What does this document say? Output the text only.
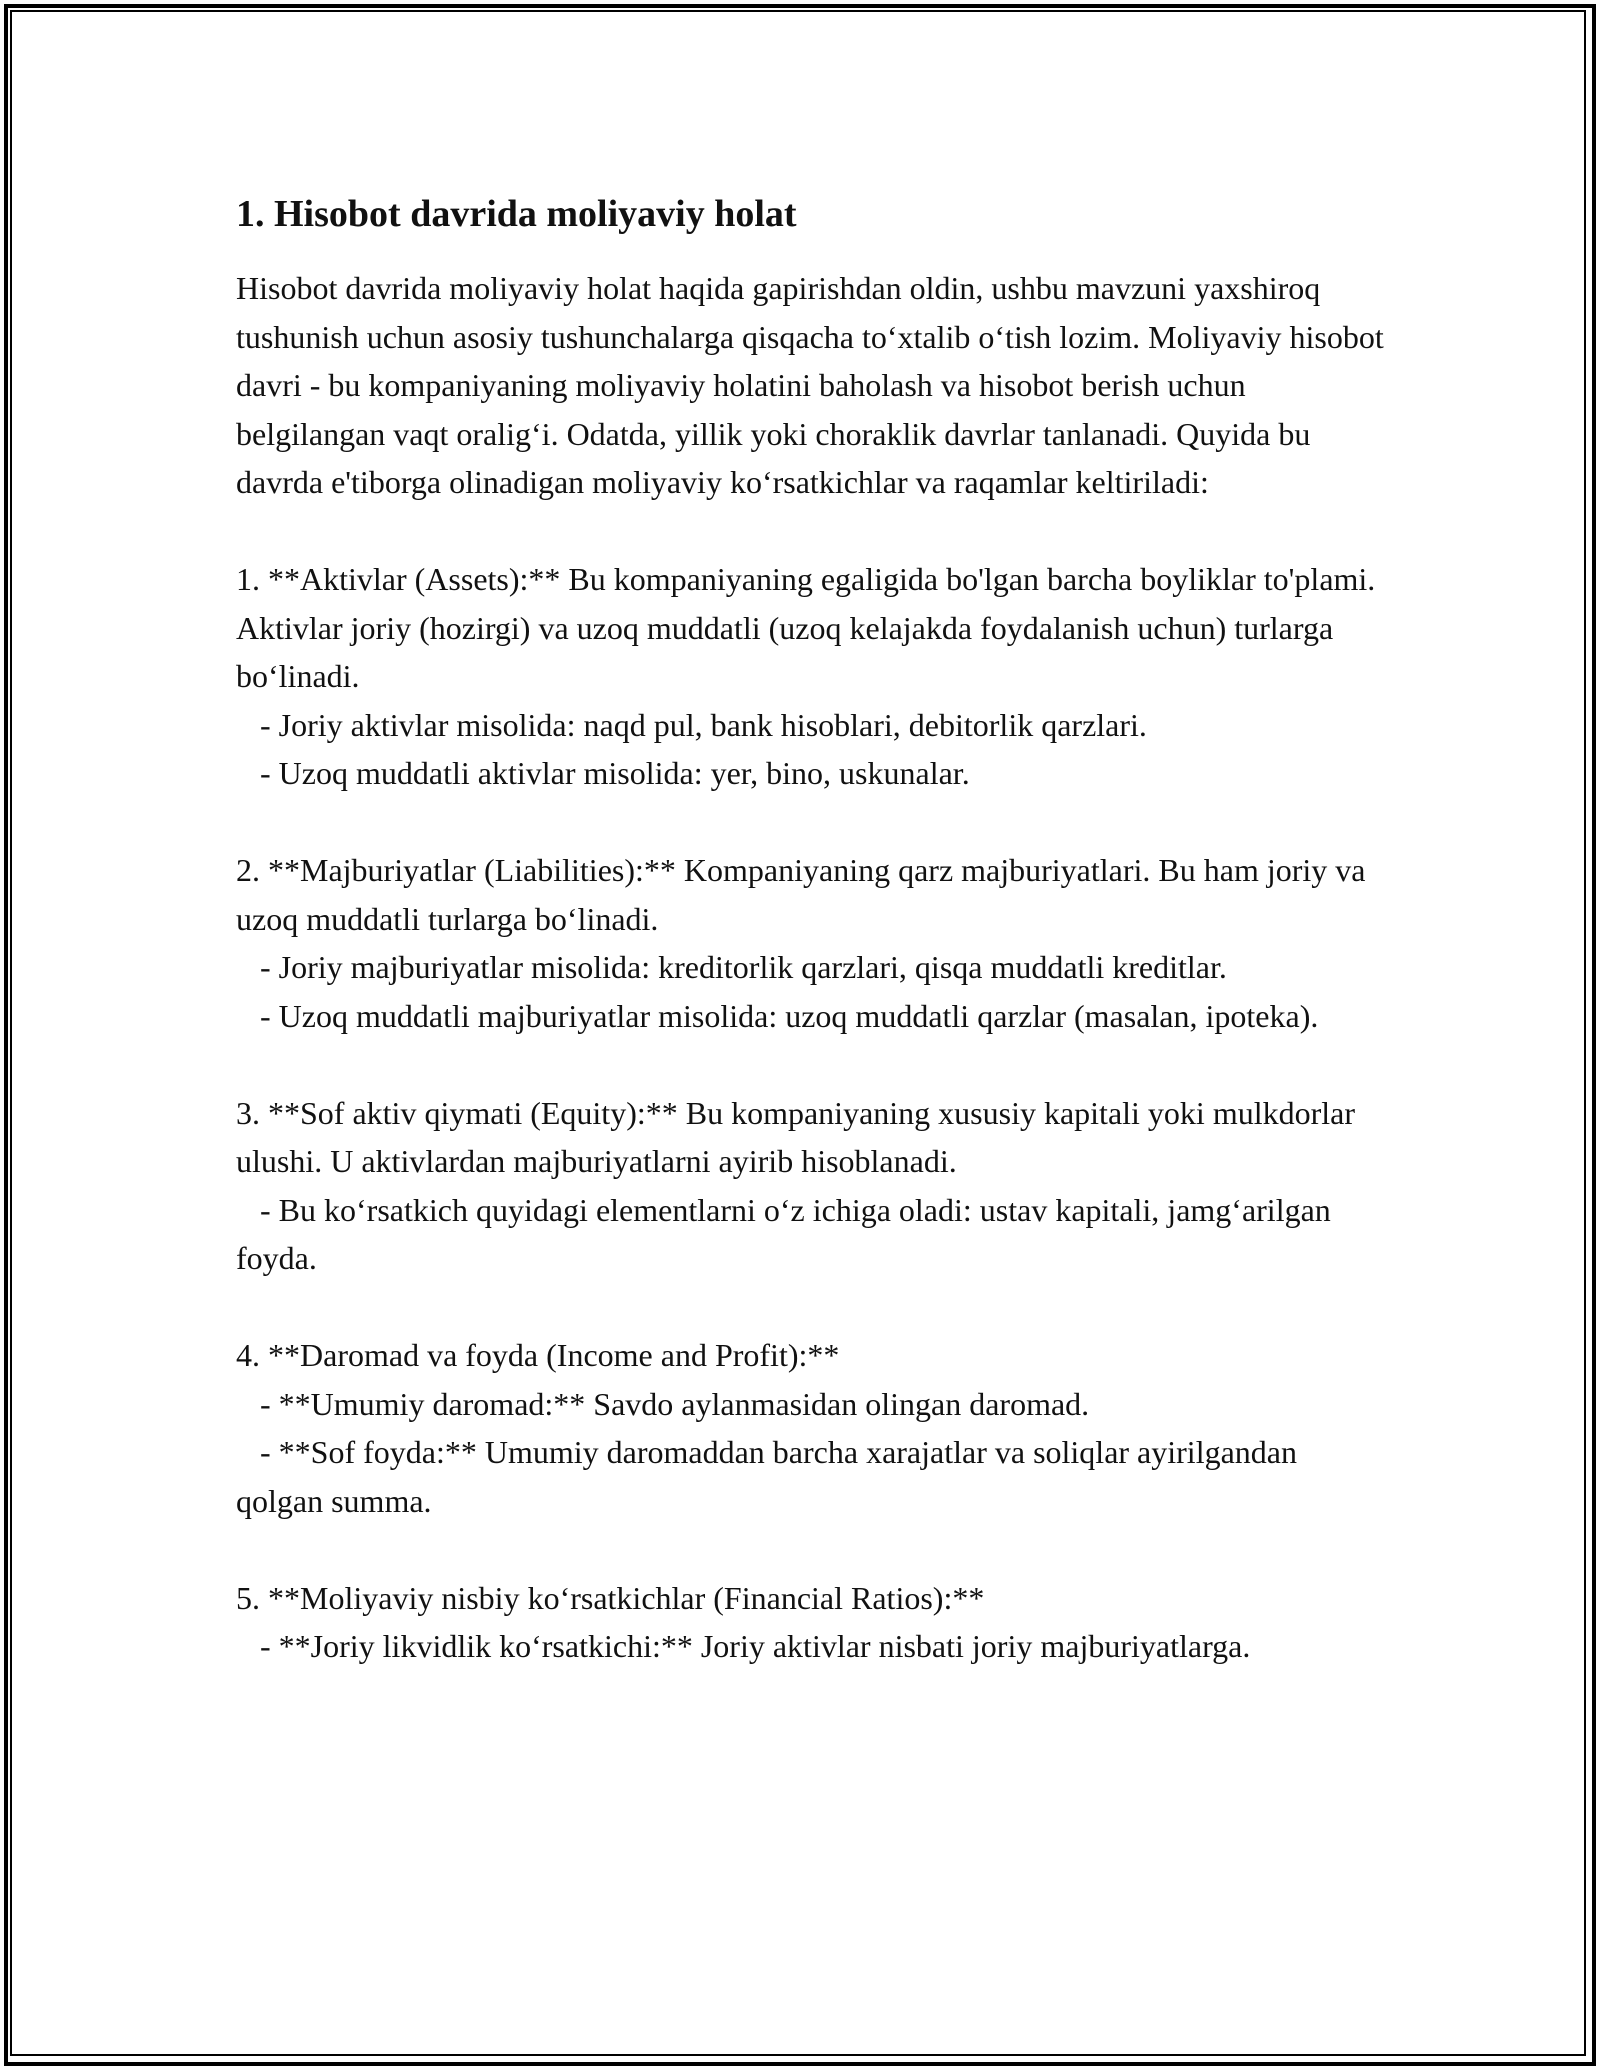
1. Hisobot davrida moliyaviy holat

Hisobot davrida moliyaviy holat haqida gapirishdan oldin, ushbu mavzuni yaxshiroq tushunish uchun asosiy tushunchalarga qisqacha to‘xtalib o‘tish lozim. Moliyaviy hisobot davri - bu kompaniyaning moliyaviy holatini baholash va hisobot berish uchun belgilangan vaqt oralig‘i. Odatda, yillik yoki choraklik davrlar tanlanadi. Quyida bu davrda e'tiborga olinadigan moliyaviy ko‘rsatkichlar va raqamlar keltiriladi:

1. **Aktivlar (Assets):** Bu kompaniyaning egaligida bo'lgan barcha boyliklar to'plami. Aktivlar joriy (hozirgi) va uzoq muddatli (uzoq kelajakda foydalanish uchun) turlarga bo‘linadi.

- Joriy aktivlar misolida: naqd pul, bank hisoblari, debitorlik qarzlari.
- Uzoq muddatli aktivlar misolida: yer, bino, uskunalar.

2. **Majburiyatlar (Liabilities):** Kompaniyaning qarz majburiyatlari. Bu ham joriy va uzoq muddatli turlarga bo‘linadi.

- Joriy majburiyatlar misolida: kreditorlik qarzlari, qisqa muddatli kreditlar.
- Uzoq muddatli majburiyatlar misolida: uzoq muddatli qarzlar (masalan, ipoteka).

3. **Sof aktiv qiymati (Equity):** Bu kompaniyaning xususiy kapitali yoki mulkdorlar ulushi. U aktivlardan majburiyatlarni ayirib hisoblanadi.

- Bu ko‘rsatkich quyidagi elementlarni o‘z ichiga oladi: ustav kapitali, jamg‘arilgan foyda.

4. **Daromad va foyda (Income and Profit):**

- **Umumiy daromad:** Savdo aylanmasidan olingan daromad.
- **Sof foyda:** Umumiy daromaddan barcha xarajatlar va soliqlar ayirilgandan qolgan summa.

5. **Moliyaviy nisbiy ko‘rsatkichlar (Financial Ratios):**

- **Joriy likvidlik ko‘rsatkichi:** Joriy aktivlar nisbati joriy majburiyatlarga.
